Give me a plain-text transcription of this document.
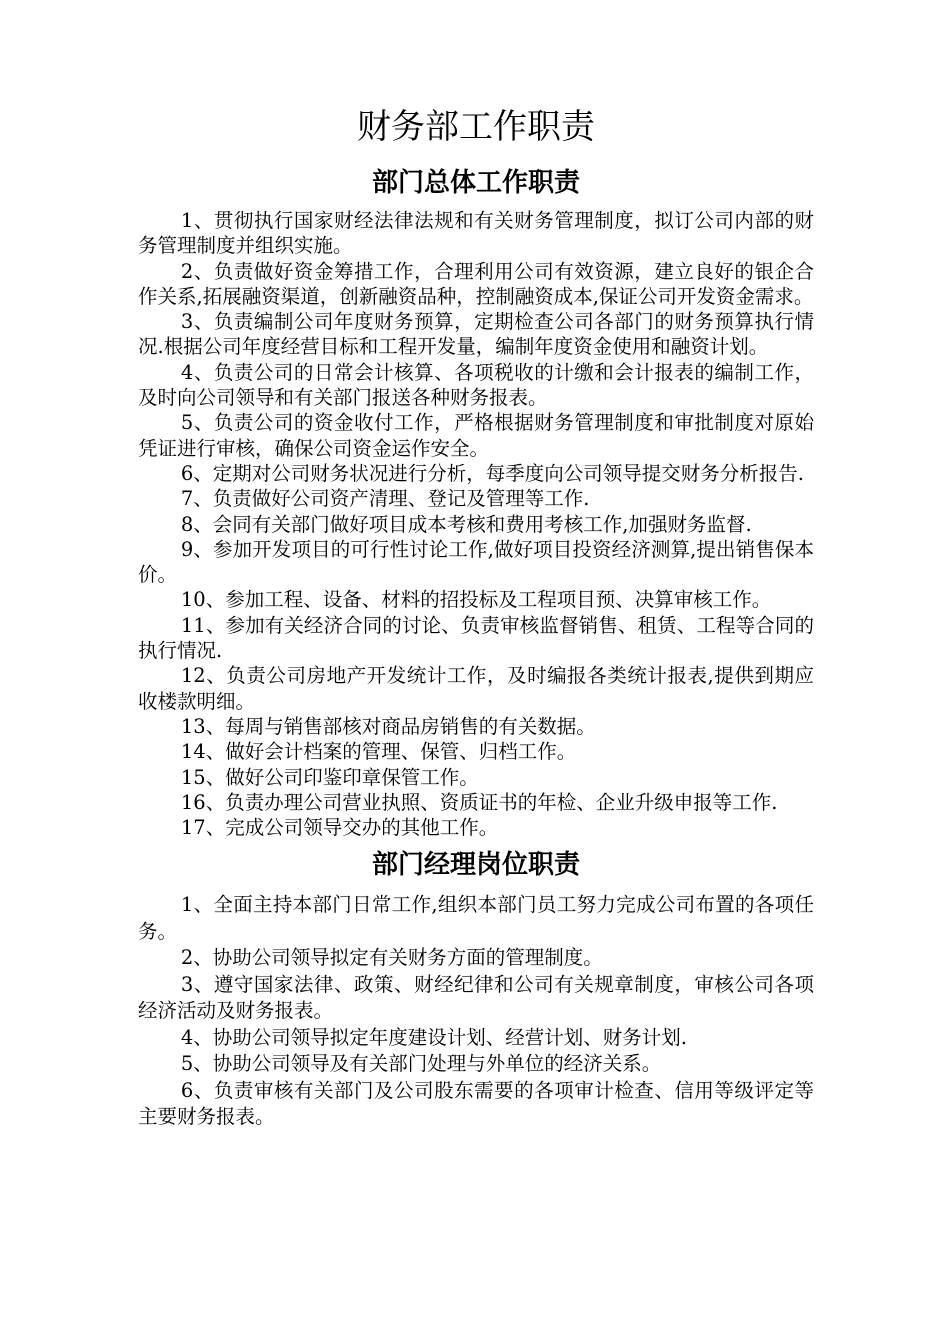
财务部工作职责
部门总体工作职责

1、贯彻执行国家财经法律法规和有关财务管理制度，拟订公司内部的财务管理制度并组织实施。

2、负责做好资金筹措工作，合理利用公司有效资源，建立良好的银企合作关系,拓展融资渠道，创新融资品种，控制融资成本,保证公司开发资金需求。

3、负责编制公司年度财务预算，定期检查公司各部门的财务预算执行情况.根据公司年度经营目标和工程开发量，编制年度资金使用和融资计划。

4、负责公司的日常会计核算、各项税收的计缴和会计报表的编制工作，及时向公司领导和有关部门报送各种财务报表。

5、负责公司的资金收付工作，严格根据财务管理制度和审批制度对原始凭证进行审核，确保公司资金运作安全。

6、定期对公司财务状况进行分析，每季度向公司领导提交财务分析报告.

7、负责做好公司资产清理、登记及管理等工作.

8、会同有关部门做好项目成本考核和费用考核工作,加强财务监督.

9、参加开发项目的可行性讨论工作,做好项目投资经济测算,提出销售保本价。

10、参加工程、设备、材料的招投标及工程项目预、决算审核工作。

11、参加有关经济合同的讨论、负责审核监督销售、租赁、工程等合同的执行情况.

12、负责公司房地产开发统计工作，及时编报各类统计报表,提供到期应收楼款明细。

13、每周与销售部核对商品房销售的有关数据。

14、做好会计档案的管理、保管、归档工作。

15、做好公司印鉴印章保管工作。

16、负责办理公司营业执照、资质证书的年检、企业升级申报等工作.

17、完成公司领导交办的其他工作。

部门经理岗位职责

1、全面主持本部门日常工作,组织本部门员工努力完成公司布置的各项任务。

2、协助公司领导拟定有关财务方面的管理制度。

3、遵守国家法律、政策、财经纪律和公司有关规章制度，审核公司各项经济活动及财务报表。

4、协助公司领导拟定年度建设计划、经营计划、财务计划.

5、协助公司领导及有关部门处理与外单位的经济关系。

6、负责审核有关部门及公司股东需要的各项审计检查、信用等级评定等主要财务报表。
